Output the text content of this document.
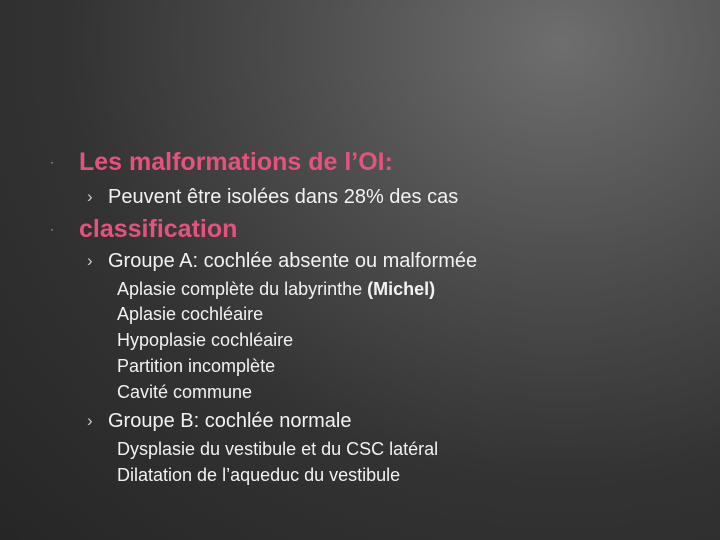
·	Les malformations de l’OI:
› Peuvent être isolées dans 28% des cas
·	classification
› Groupe A: cochlée absente ou malformée
Aplasie complète du labyrinthe (Michel)
Aplasie cochléaire
Hypoplasie cochléaire
Partition incomplète
Cavité commune
› Groupe B: cochlée normale
Dysplasie du vestibule et du CSC latéral
Dilatation de l’aqueduc du vestibule
